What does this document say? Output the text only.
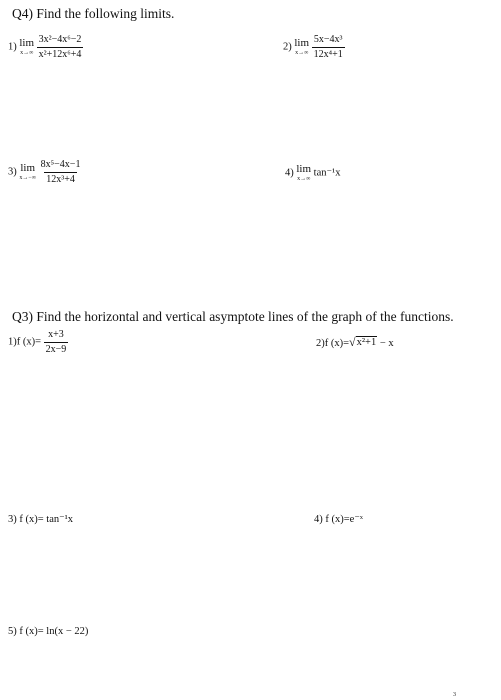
Q4) Find the following limits.
1) lim
x→∞
$\frac{\text{3x²−4x⁶−2}}{\text{x²+12x⁶+4}}$	2) lim
x→∞
$\frac{\text{5x−4x³}}{\text{12x⁴+1}}$
3) lim
x→−∞
$\frac{\text{8x⁵−4x−1}}{\text{12x³+4}}$	4) lim
x→∞
tan⁻¹x
Q3) Find the horizontal and vertical asymptote lines of the graph of the functions.
1)f $(x)= \frac{x+3}{2x-9}$	2)f (x)= √ x²+1 − x
3) f (x)= tan⁻¹x	4) f (x)=e⁻ˣ
5) f (x)= ln(x − 22)
3
